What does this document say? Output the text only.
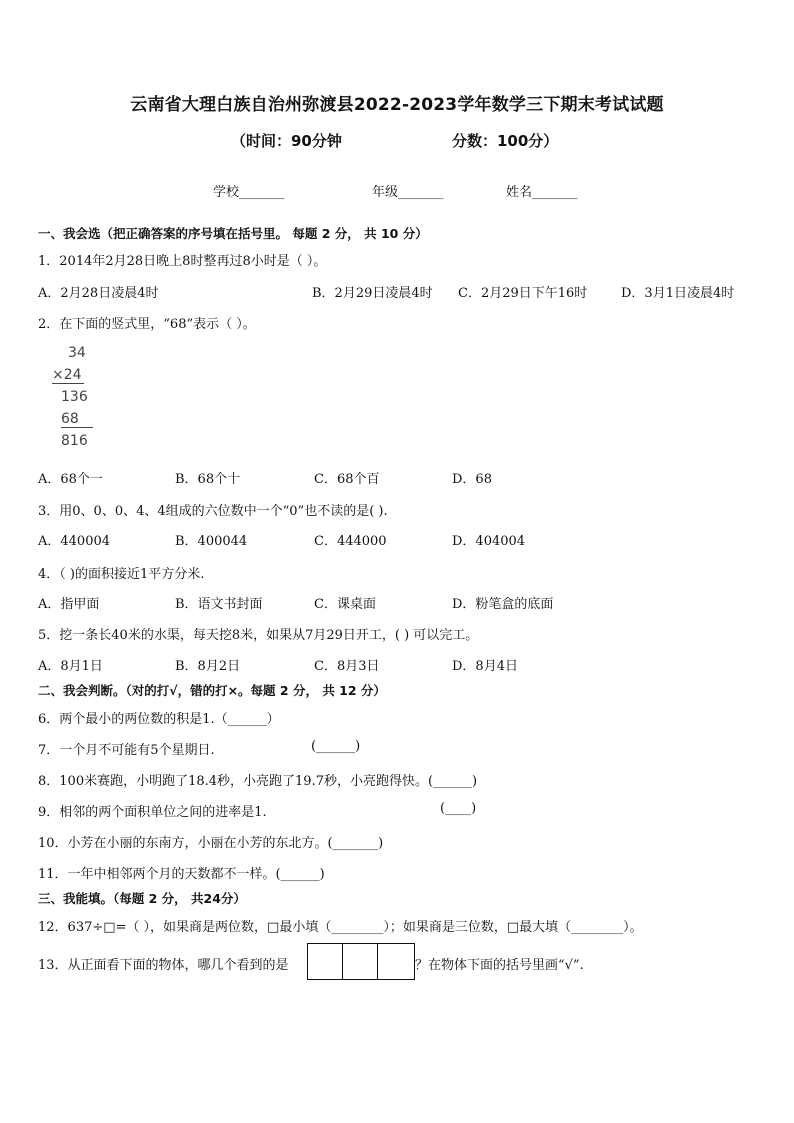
云南省大理白族自治州弥渡县2022-2023学年数学三下期末考试试题
（时间：90分钟	分数：100分）
学校_______	年级_______	姓名_______
一、我会选（把正确答案的序号填在括号里。 每题 2 分， 共 10 分）
1．2014年2月28日晚上8时整再过8小时是（ ）。
A．2月28日凌晨4时	B．2月29日凌晨4时 C．2月29日下午16时	D．3月1日凌晨4时
2．在下面的竖式里，“68”表示（ ）。
34
×24
136
68
816
A．68个一	B．68个十	C．68个百	D．68
3．用0、0、0、4、4组成的六位数中一个“0”也不读的是( ).
A．440004	B．400044	C．444000	D．404004
4．（ )的面积接近1平方分米.
A．指甲面	B．语文书封面	C．课桌面	D．粉笔盒的底面
5．挖一条长40米的水渠，每天挖8米，如果从7月29日开工，( ) 可以完工。
A．8月1日	B．8月2日	C．8月3日	D．8月4日
二、我会判断。（对的打√，错的打×。每题 2 分， 共 12 分）
6．两个最小的两位数的积是1.（______）
7．一个月不可能有5个星期日.	(______)
8．100米赛跑，小明跑了18.4秒，小亮跑了19.7秒，小亮跑得快。(______)
9．相邻的两个面积单位之间的进率是1.	(____)
10．小芳在小丽的东南方，小丽在小芳的东北方。(_______)
11．一年中相邻两个月的天数都不一样。(______)
三、我能填。（每题 2 分， 共24分）
12．637÷□=（ ），如果商是两位数，□最小填（________）；如果商是三位数，□最大填（________）。
13．从正面看下面的物体，哪几个看到的是	？在物体下面的括号里画“√”.
